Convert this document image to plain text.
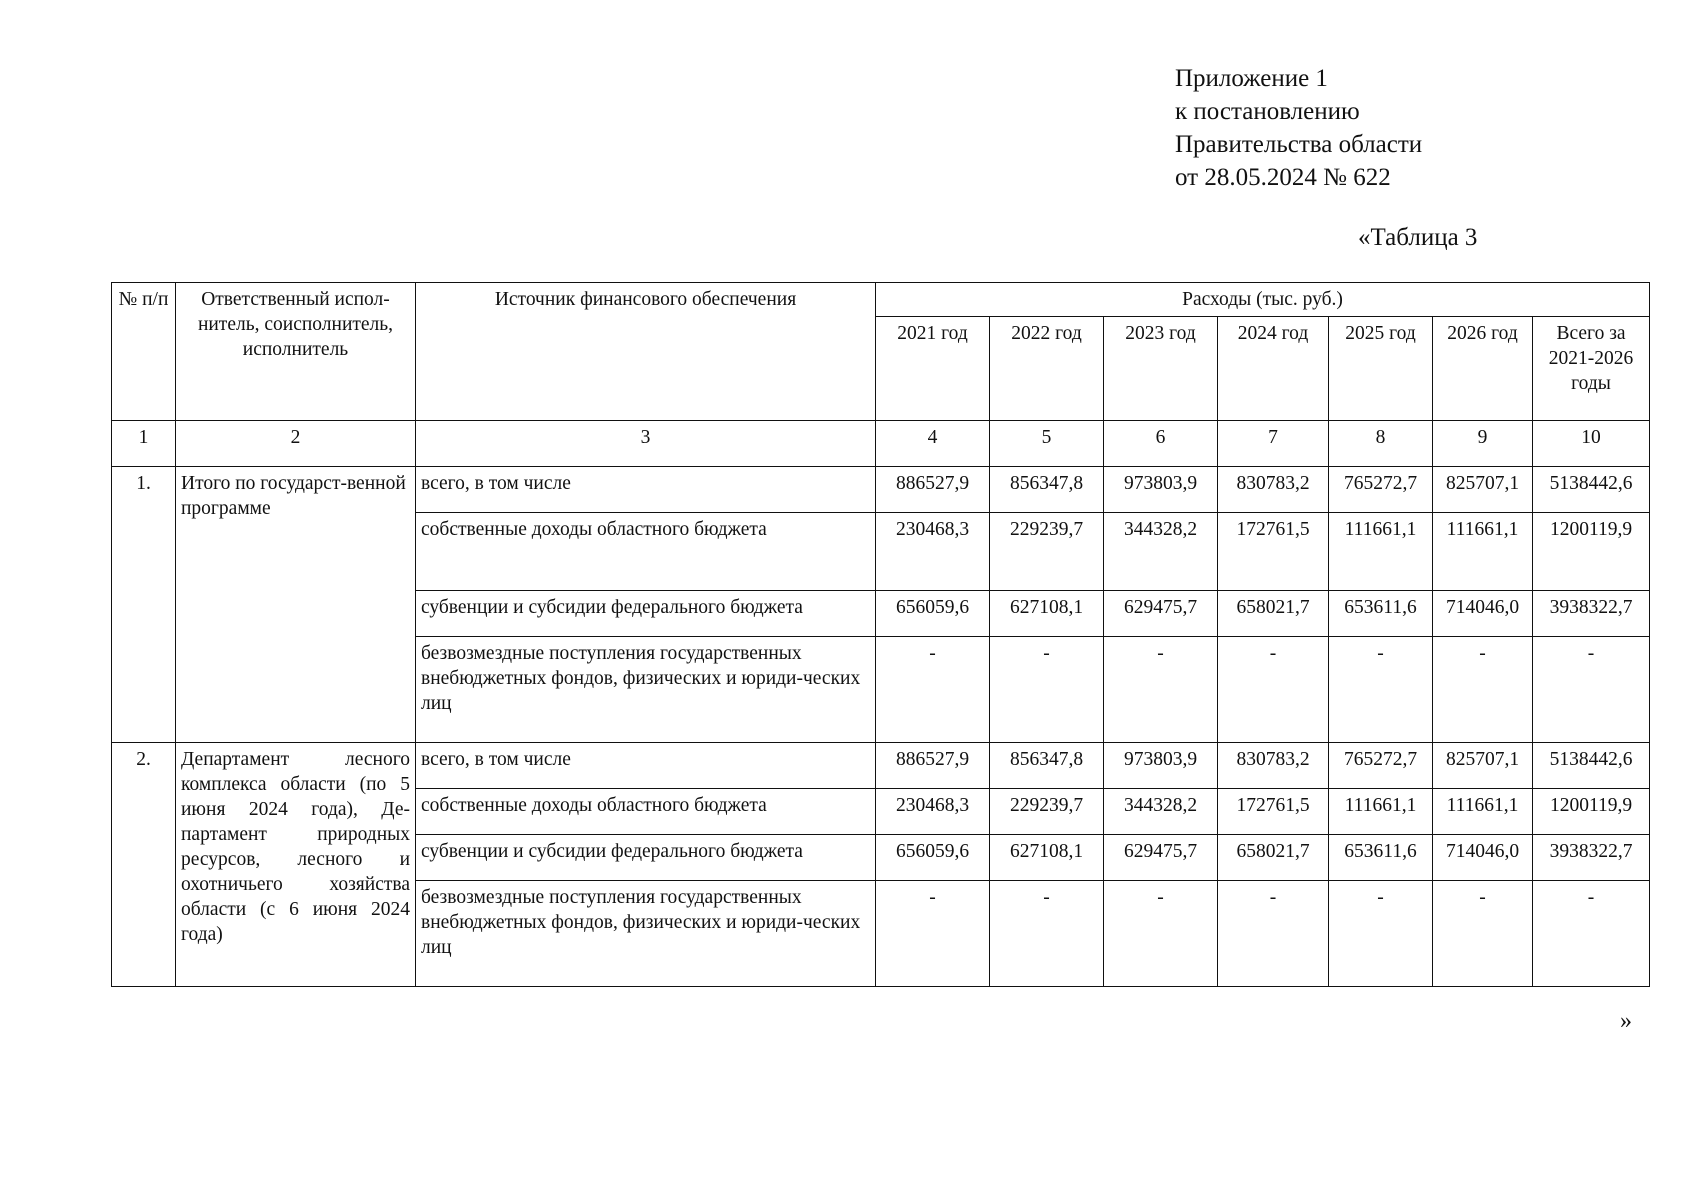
Приложение 1
к постановлению
Правительства области
от 28.05.2024 № 622
«Таблица 3
№ п/п	Ответственный испол-нитель, соисполнитель, исполнитель	Источник финансового обеспечения	Расходы (тыс. руб.)						
			2021 год	2022 год	2023 год	2024 год	2025 год	2026 год	Всего за 2021-2026 годы
1	2	3	4	5	6	7	8	9	10
1.	Итого по государст-венной программе	всего, в том числе	886527,9	856347,8	973803,9	830783,2	765272,7	825707,1	5138442,6
		собственные доходы областного бюджета	230468,3	229239,7	344328,2	172761,5	111661,1	111661,1	1200119,9
		субвенции и субсидии федерального бюджета	656059,6	627108,1	629475,7	658021,7	653611,6	714046,0	3938322,7
		безвозмездные поступления государственных внебюджетных фондов, физических и юриди-ческих лиц	-	-	-	-	-	-	-
2.	Департамент лесного комплекса области (по 5 июня 2024 года), Де-партамент природных ресурсов, лесного и охотничьего хозяйства области (с 6 июня 2024 года)	всего, в том числе	886527,9	856347,8	973803,9	830783,2	765272,7	825707,1	5138442,6
		собственные доходы областного бюджета	230468,3	229239,7	344328,2	172761,5	111661,1	111661,1	1200119,9
		субвенции и субсидии федерального бюджета	656059,6	627108,1	629475,7	658021,7	653611,6	714046,0	3938322,7
		безвозмездные поступления государственных внебюджетных фондов, физических и юриди-ческих лиц	-	-	-	-	-	-	-
»
